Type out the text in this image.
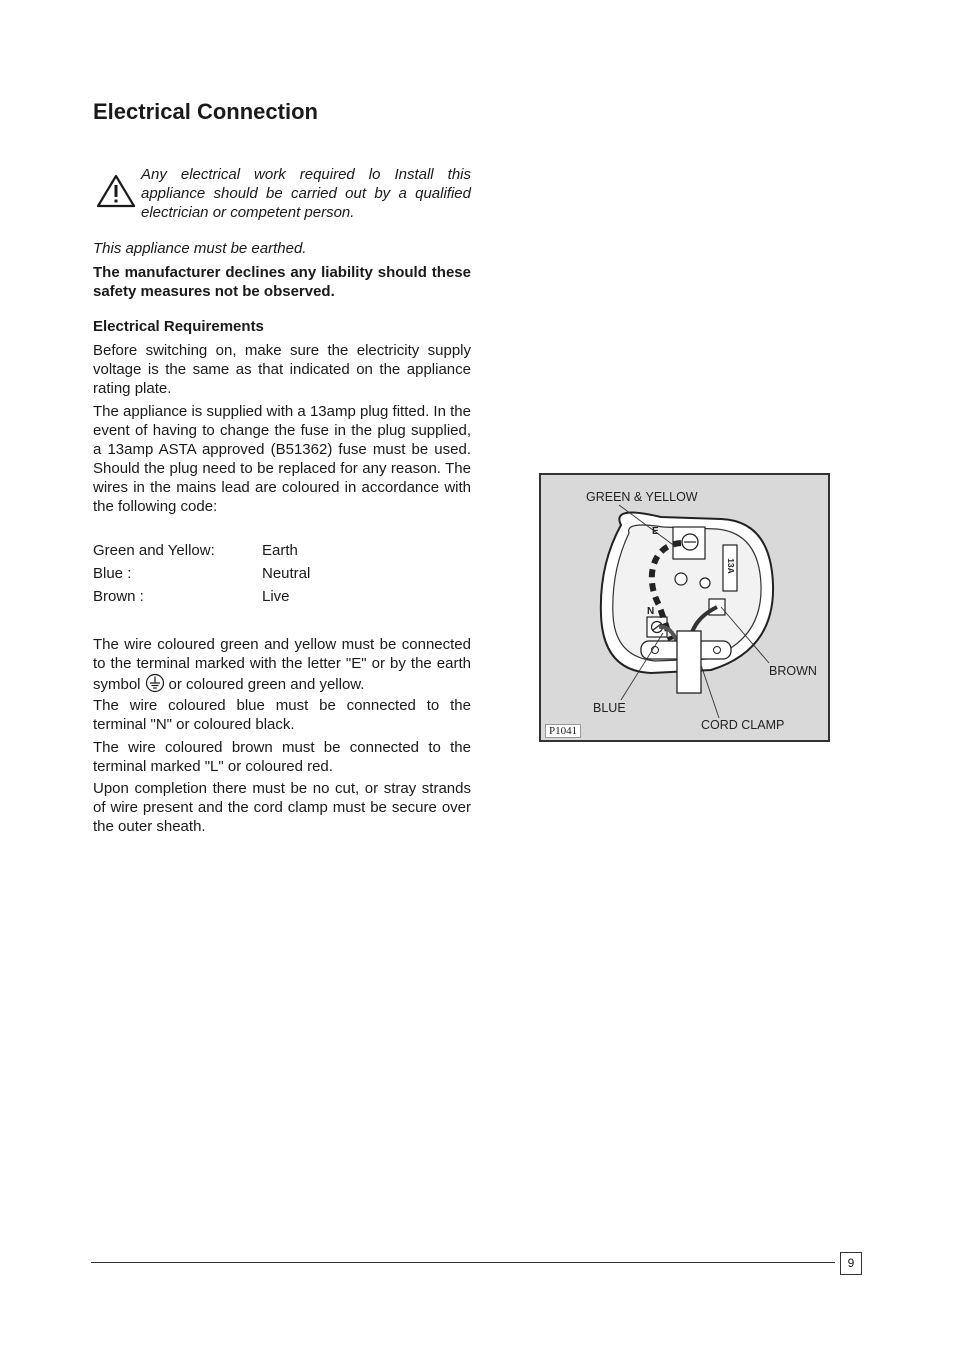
Electrical Connection
Any electrical work required lo Install this appliance should be carried out by a qualified electrician or competent person.
This appliance must be earthed.
The manufacturer declines any liability should these safety measures not be observed.
Electrical Requirements

Before switching on, make sure the electricity supply voltage is the same as that indicated on the appliance rating plate.

The appliance is supplied with a 13amp plug fitted. In the event of having to change the fuse in the plug supplied, a 13amp ASTA approved (B51362) fuse must be used. Should the plug need to be replaced for any reason. The wires in the mains lead are coloured in accordance with the following code:

Green and Yellow:	Earth
Blue :	Neutral
Brown :	Live

The wire coloured green and yellow must be connected to the terminal marked with the letter "E" or by the earth symbol or coloured green and yellow.

The wire coloured blue must be connected to the terminal "N" or coloured black.

The wire coloured brown must be connected to the terminal marked "L" or coloured red.

Upon completion there must be no cut, or stray strands of wire present and the cord clamp must be secure over the outer sheath.

GREEN & YELLOW
E
N
13A
BROWN
BLUE
CORD CLAMP
P1041
9
